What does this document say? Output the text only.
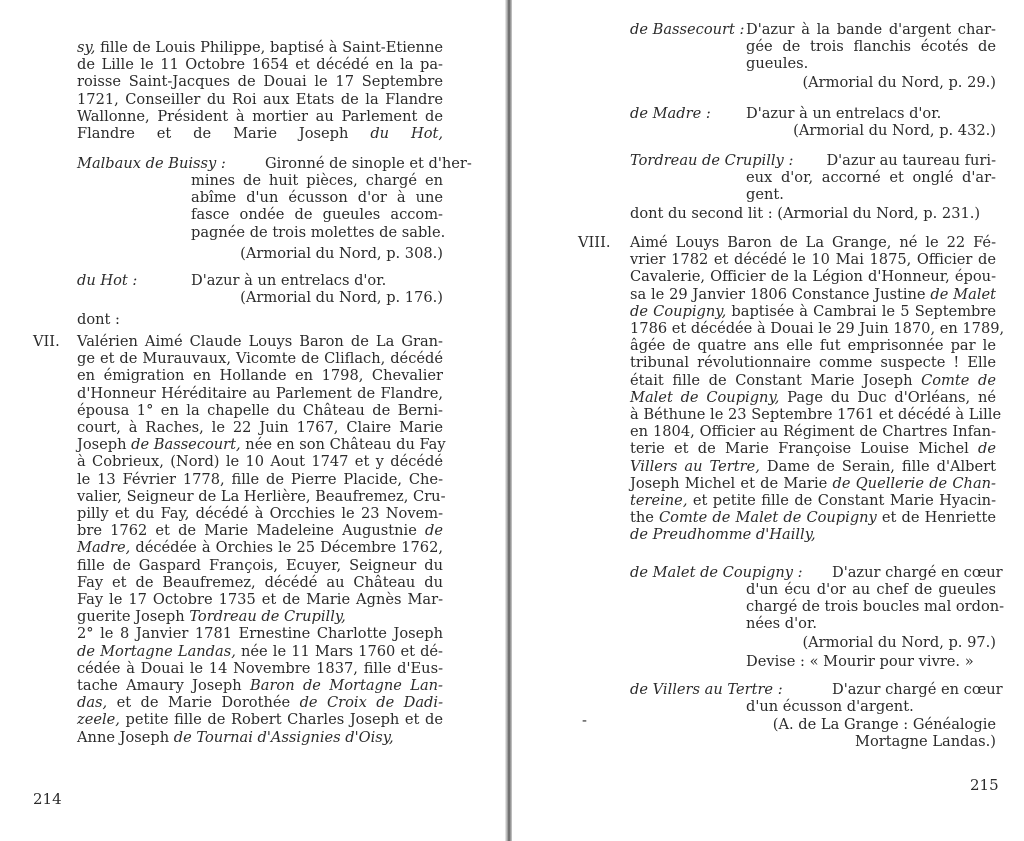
sy, fille de Louis Philippe, baptisé à Saint-Etienne
de Lille le 11 Octobre 1654 et décédé en la pa-
roisse Saint-Jacques de Douai le 17 Septembre
1721, Conseiller du Roi aux Etats de la Flandre
Wallonne, Président à mortier au Parlement de
Flandre et de Marie Joseph du Hot,
Malbaux de Buissy :	Gironné de sinople et d'her-
mines de huit pièces, chargé en
abîme d'un écusson d'or à une
fasce ondée de gueules accom-
pagnée de trois molettes de sable.
(Armorial du Nord, p. 308.)
du Hot :	D'azur à un entrelacs d'or.
(Armorial du Nord, p. 176.)
dont :
VII. Valérien Aimé Claude Louys Baron de La Gran-
ge et de Murauvaux, Vicomte de Cliflach, décédé
en émigration en Hollande en 1798, Chevalier
d'Honneur Héréditaire au Parlement de Flandre,
épousa 1° en la chapelle du Château de Berni-
court, à Raches, le 22 Juin 1767, Claire Marie
Joseph de Bassecourt, née en son Château du Fay
à Cobrieux, (Nord) le 10 Aout 1747 et y décédé
le 13 Février 1778, fille de Pierre Placide, Che-
valier, Seigneur de La Herlière, Beaufremez, Cru-
pilly et du Fay, décédé à Orcchies le 23 Novem-
bre 1762 et de Marie Madeleine Augustnie de
Madre, décédée à Orchies le 25 Décembre 1762,
fille de Gaspard François, Ecuyer, Seigneur du
Fay et de Beaufremez, décédé au Château du
Fay le 17 Octobre 1735 et de Marie Agnès Mar-
guerite Joseph Tordreau de Crupilly,
2° le 8 Janvier 1781 Ernestine Charlotte Joseph
de Mortagne Landas, née le 11 Mars 1760 et dé-
cédée à Douai le 14 Novembre 1837, fille d'Eus-
tache Amaury Joseph Baron de Mortagne Lan-
das, et de Marie Dorothée de Croix de Dadi-
zeele, petite fille de Robert Charles Joseph et de
Anne Joseph de Tournai d'Assignies d'Oisy,
214
de Bassecourt : D'azur à la bande d'argent char-
gée de trois flanchis écotés de
gueules.
(Armorial du Nord, p. 29.)
de Madre : D'azur à un entrelacs d'or.
(Armorial du Nord, p. 432.)
Tordreau de Crupilly :	D'azur au taureau furi-
eux d'or, accorné et onglé d'ar-
gent.
dont du second lit : (Armorial du Nord, p. 231.)
VIII. Aimé Louys Baron de La Grange, né le 22 Fé-
vrier 1782 et décédé le 10 Mai 1875, Officier de
Cavalerie, Officier de la Légion d'Honneur, épou-
sa le 29 Janvier 1806 Constance Justine de Malet
de Coupigny, baptisée à Cambrai le 5 Septembre
1786 et décédée à Douai le 29 Juin 1870, en 1789,
âgée de quatre ans elle fut emprisonnée par le
tribunal révolutionnaire comme suspecte ! Elle
était fille de Constant Marie Joseph Comte de
Malet de Coupigny, Page du Duc d'Orléans, né
à Béthune le 23 Septembre 1761 et décédé à Lille
en 1804, Officier au Régiment de Chartres Infan-
terie et de Marie Françoise Louise Michel de
Villers au Tertre, Dame de Serain, fille d'Albert
Joseph Michel et de Marie de Quellerie de Chan-
tereine, et petite fille de Constant Marie Hyacin-
the Comte de Malet de Coupigny et de Henriette
de Preudhomme d'Hailly,
de Malet de Coupigny : D'azur chargé en cœur
d'un écu d'or au chef de gueules
chargé de trois boucles mal ordon-
nées d'or.
(Armorial du Nord, p. 97.)
Devise : « Mourir pour vivre. »
de Villers au Tertre :	D'azur chargé en cœur
d'un écusson d'argent.
-	(A. de La Grange : Généalogie
Mortagne Landas.)
215
